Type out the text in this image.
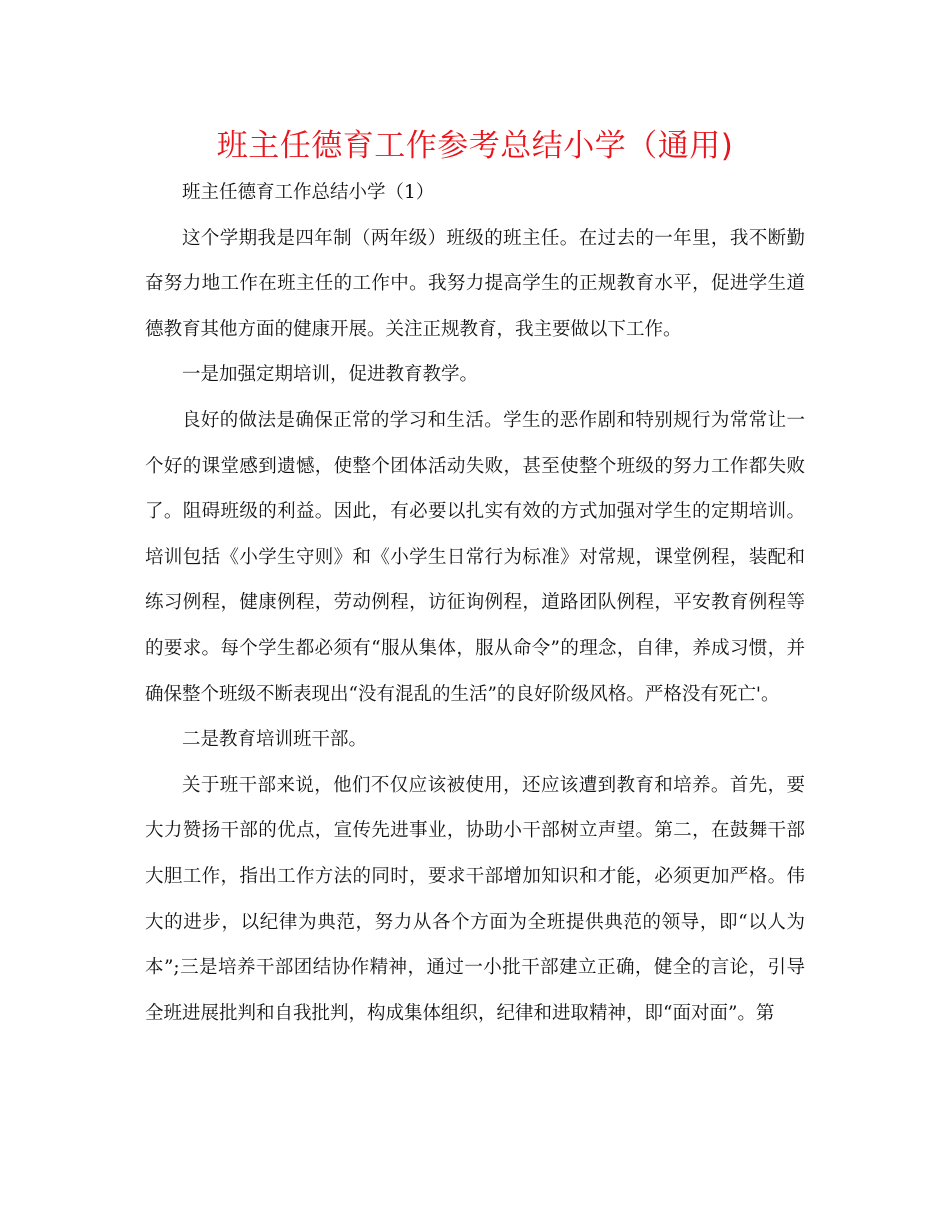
班主任德育工作参考总结小学（通用)

班主任德育工作总结小学（1）

这个学期我是四年制（两年级）班级的班主任。在过去的一年里，我不断勤奋努力地工作在班主任的工作中。我努力提高学生的正规教育水平，促进学生道德教育其他方面的健康开展。关注正规教育，我主要做以下工作。

一是加强定期培训，促进教育教学。

良好的做法是确保正常的学习和生活。学生的恶作剧和特别规行为常常让一个好的课堂感到遗憾，使整个团体活动失败，甚至使整个班级的努力工作都失败了。阻碍班级的利益。因此，有必要以扎实有效的方式加强对学生的定期培训。培训包括《小学生守则》和《小学生日常行为标准》对常规，课堂例程，装配和练习例程，健康例程，劳动例程，访征询例程，道路团队例程，平安教育例程等的要求。每个学生都必须有“服从集体，服从命令”的理念，自律，养成习惯，并确保整个班级不断表现出“没有混乱的生活”的良好阶级风格。严格没有死亡'。

二是教育培训班干部。

关于班干部来说，他们不仅应该被使用，还应该遭到教育和培养。首先，要大力赞扬干部的优点，宣传先进事业，协助小干部树立声望。第二，在鼓舞干部大胆工作，指出工作方法的同时，要求干部增加知识和才能，必须更加严格。伟大的进步，以纪律为典范，努力从各个方面为全班提供典范的领导，即“以人为本”;三是培养干部团结协作精神，通过一小批干部建立正确，健全的言论，引导全班进展批判和自我批判，构成集体组织，纪律和进取精神，即“面对面”。第
